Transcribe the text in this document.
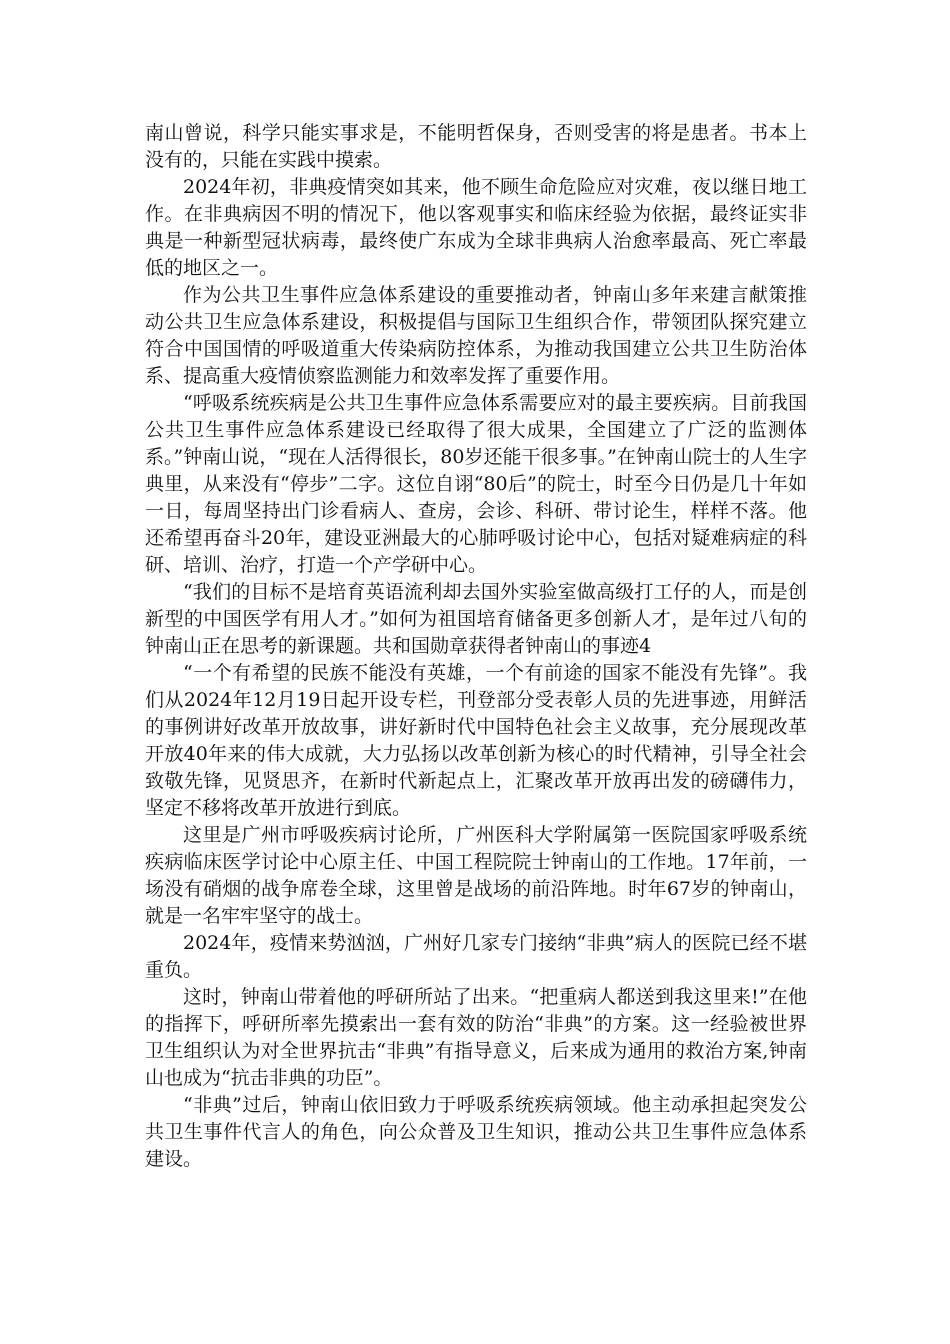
南山曾说，科学只能实事求是，不能明哲保身，否则受害的将是患者。书本上没有的，只能在实践中摸索。

2024年初，非典疫情突如其来，他不顾生命危险应对灾难，夜以继日地工作。在非典病因不明的情况下，他以客观事实和临床经验为依据，最终证实非典是一种新型冠状病毒，最终使广东成为全球非典病人治愈率最高、死亡率最低的地区之一。

作为公共卫生事件应急体系建设的重要推动者，钟南山多年来建言献策推动公共卫生应急体系建设，积极提倡与国际卫生组织合作，带领团队探究建立符合中国国情的呼吸道重大传染病防控体系，为推动我国建立公共卫生防治体系、提高重大疫情侦察监测能力和效率发挥了重要作用。

“呼吸系统疾病是公共卫生事件应急体系需要应对的最主要疾病。目前我国公共卫生事件应急体系建设已经取得了很大成果，全国建立了广泛的监测体系。”钟南山说，“现在人活得很长，80岁还能干很多事。”在钟南山院士的人生字典里，从来没有“停步”二字。这位自诩“80后”的院士，时至今日仍是几十年如一日，每周坚持出门诊看病人、查房，会诊、科研、带讨论生，样样不落。他还希望再奋斗20年，建设亚洲最大的心肺呼吸讨论中心，包括对疑难病症的科研、培训、治疗，打造一个产学研中心。

“我们的目标不是培育英语流利却去国外实验室做高级打工仔的人，而是创新型的中国医学有用人才。”如何为祖国培育储备更多创新人才，是年过八旬的钟南山正在思考的新课题。共和国勋章获得者钟南山的事迹4

“一个有希望的民族不能没有英雄，一个有前途的国家不能没有先锋”。我们从2024年12月19日起开设专栏，刊登部分受表彰人员的先进事迹，用鲜活的事例讲好改革开放故事，讲好新时代中国特色社会主义故事，充分展现改革开放40年来的伟大成就，大力弘扬以改革创新为核心的时代精神，引导全社会致敬先锋，见贤思齐，在新时代新起点上，汇聚改革开放再出发的磅礴伟力，坚定不移将改革开放进行到底。

这里是广州市呼吸疾病讨论所，广州医科大学附属第一医院国家呼吸系统疾病临床医学讨论中心原主任、中国工程院院士钟南山的工作地。17年前，一场没有硝烟的战争席卷全球，这里曾是战场的前沿阵地。时年67岁的钟南山，就是一名牢牢坚守的战士。

2024年，疫情来势汹汹，广州好几家专门接纳“非典”病人的医院已经不堪重负。

这时，钟南山带着他的呼研所站了出来。“把重病人都送到我这里来!”在他的指挥下，呼研所率先摸索出一套有效的防治“非典”的方案。这一经验被世界卫生组织认为对全世界抗击“非典”有指导意义，后来成为通用的救治方案,钟南山也成为“抗击非典的功臣”。

“非典”过后，钟南山依旧致力于呼吸系统疾病领域。他主动承担起突发公共卫生事件代言人的角色，向公众普及卫生知识，推动公共卫生事件应急体系建设。
